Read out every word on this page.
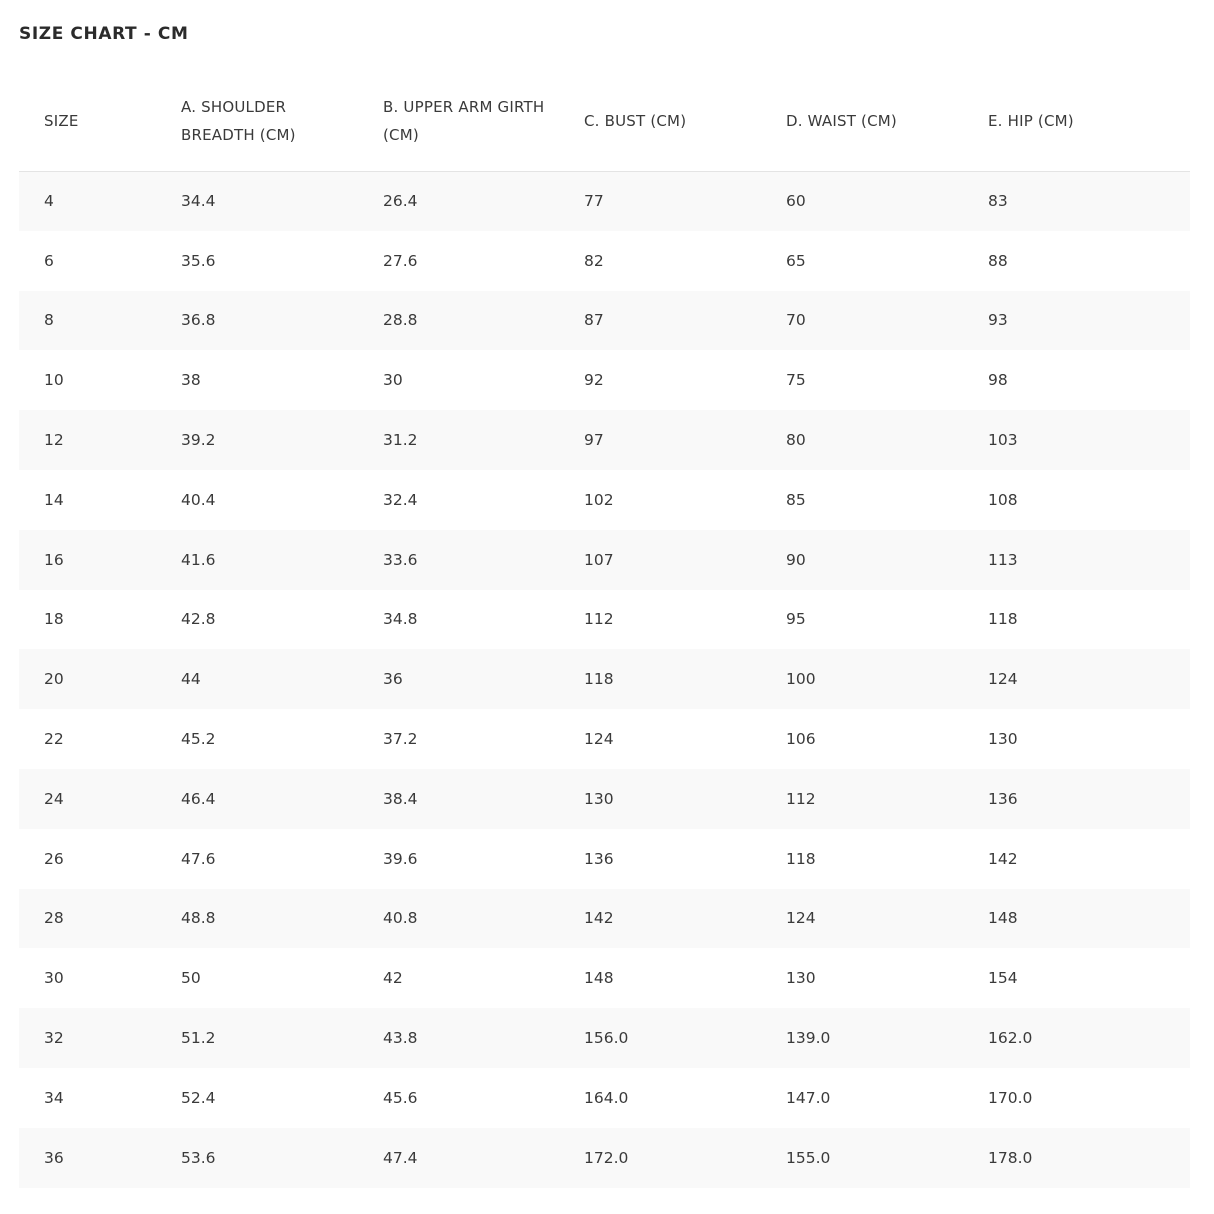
SIZE CHART - CM
SIZE	A. SHOULDER BREADTH (CM)	B. UPPER ARM GIRTH (CM)	C. BUST (CM)	D. WAIST (CM)	E. HIP (CM)
4	34.4	26.4	77	60	83
6	35.6	27.6	82	65	88
8	36.8	28.8	87	70	93
10	38	30	92	75	98
12	39.2	31.2	97	80	103
14	40.4	32.4	102	85	108
16	41.6	33.6	107	90	113
18	42.8	34.8	112	95	118
20	44	36	118	100	124
22	45.2	37.2	124	106	130
24	46.4	38.4	130	112	136
26	47.6	39.6	136	118	142
28	48.8	40.8	142	124	148
30	50	42	148	130	154
32	51.2	43.8	156.0	139.0	162.0
34	52.4	45.6	164.0	147.0	170.0
36	53.6	47.4	172.0	155.0	178.0
